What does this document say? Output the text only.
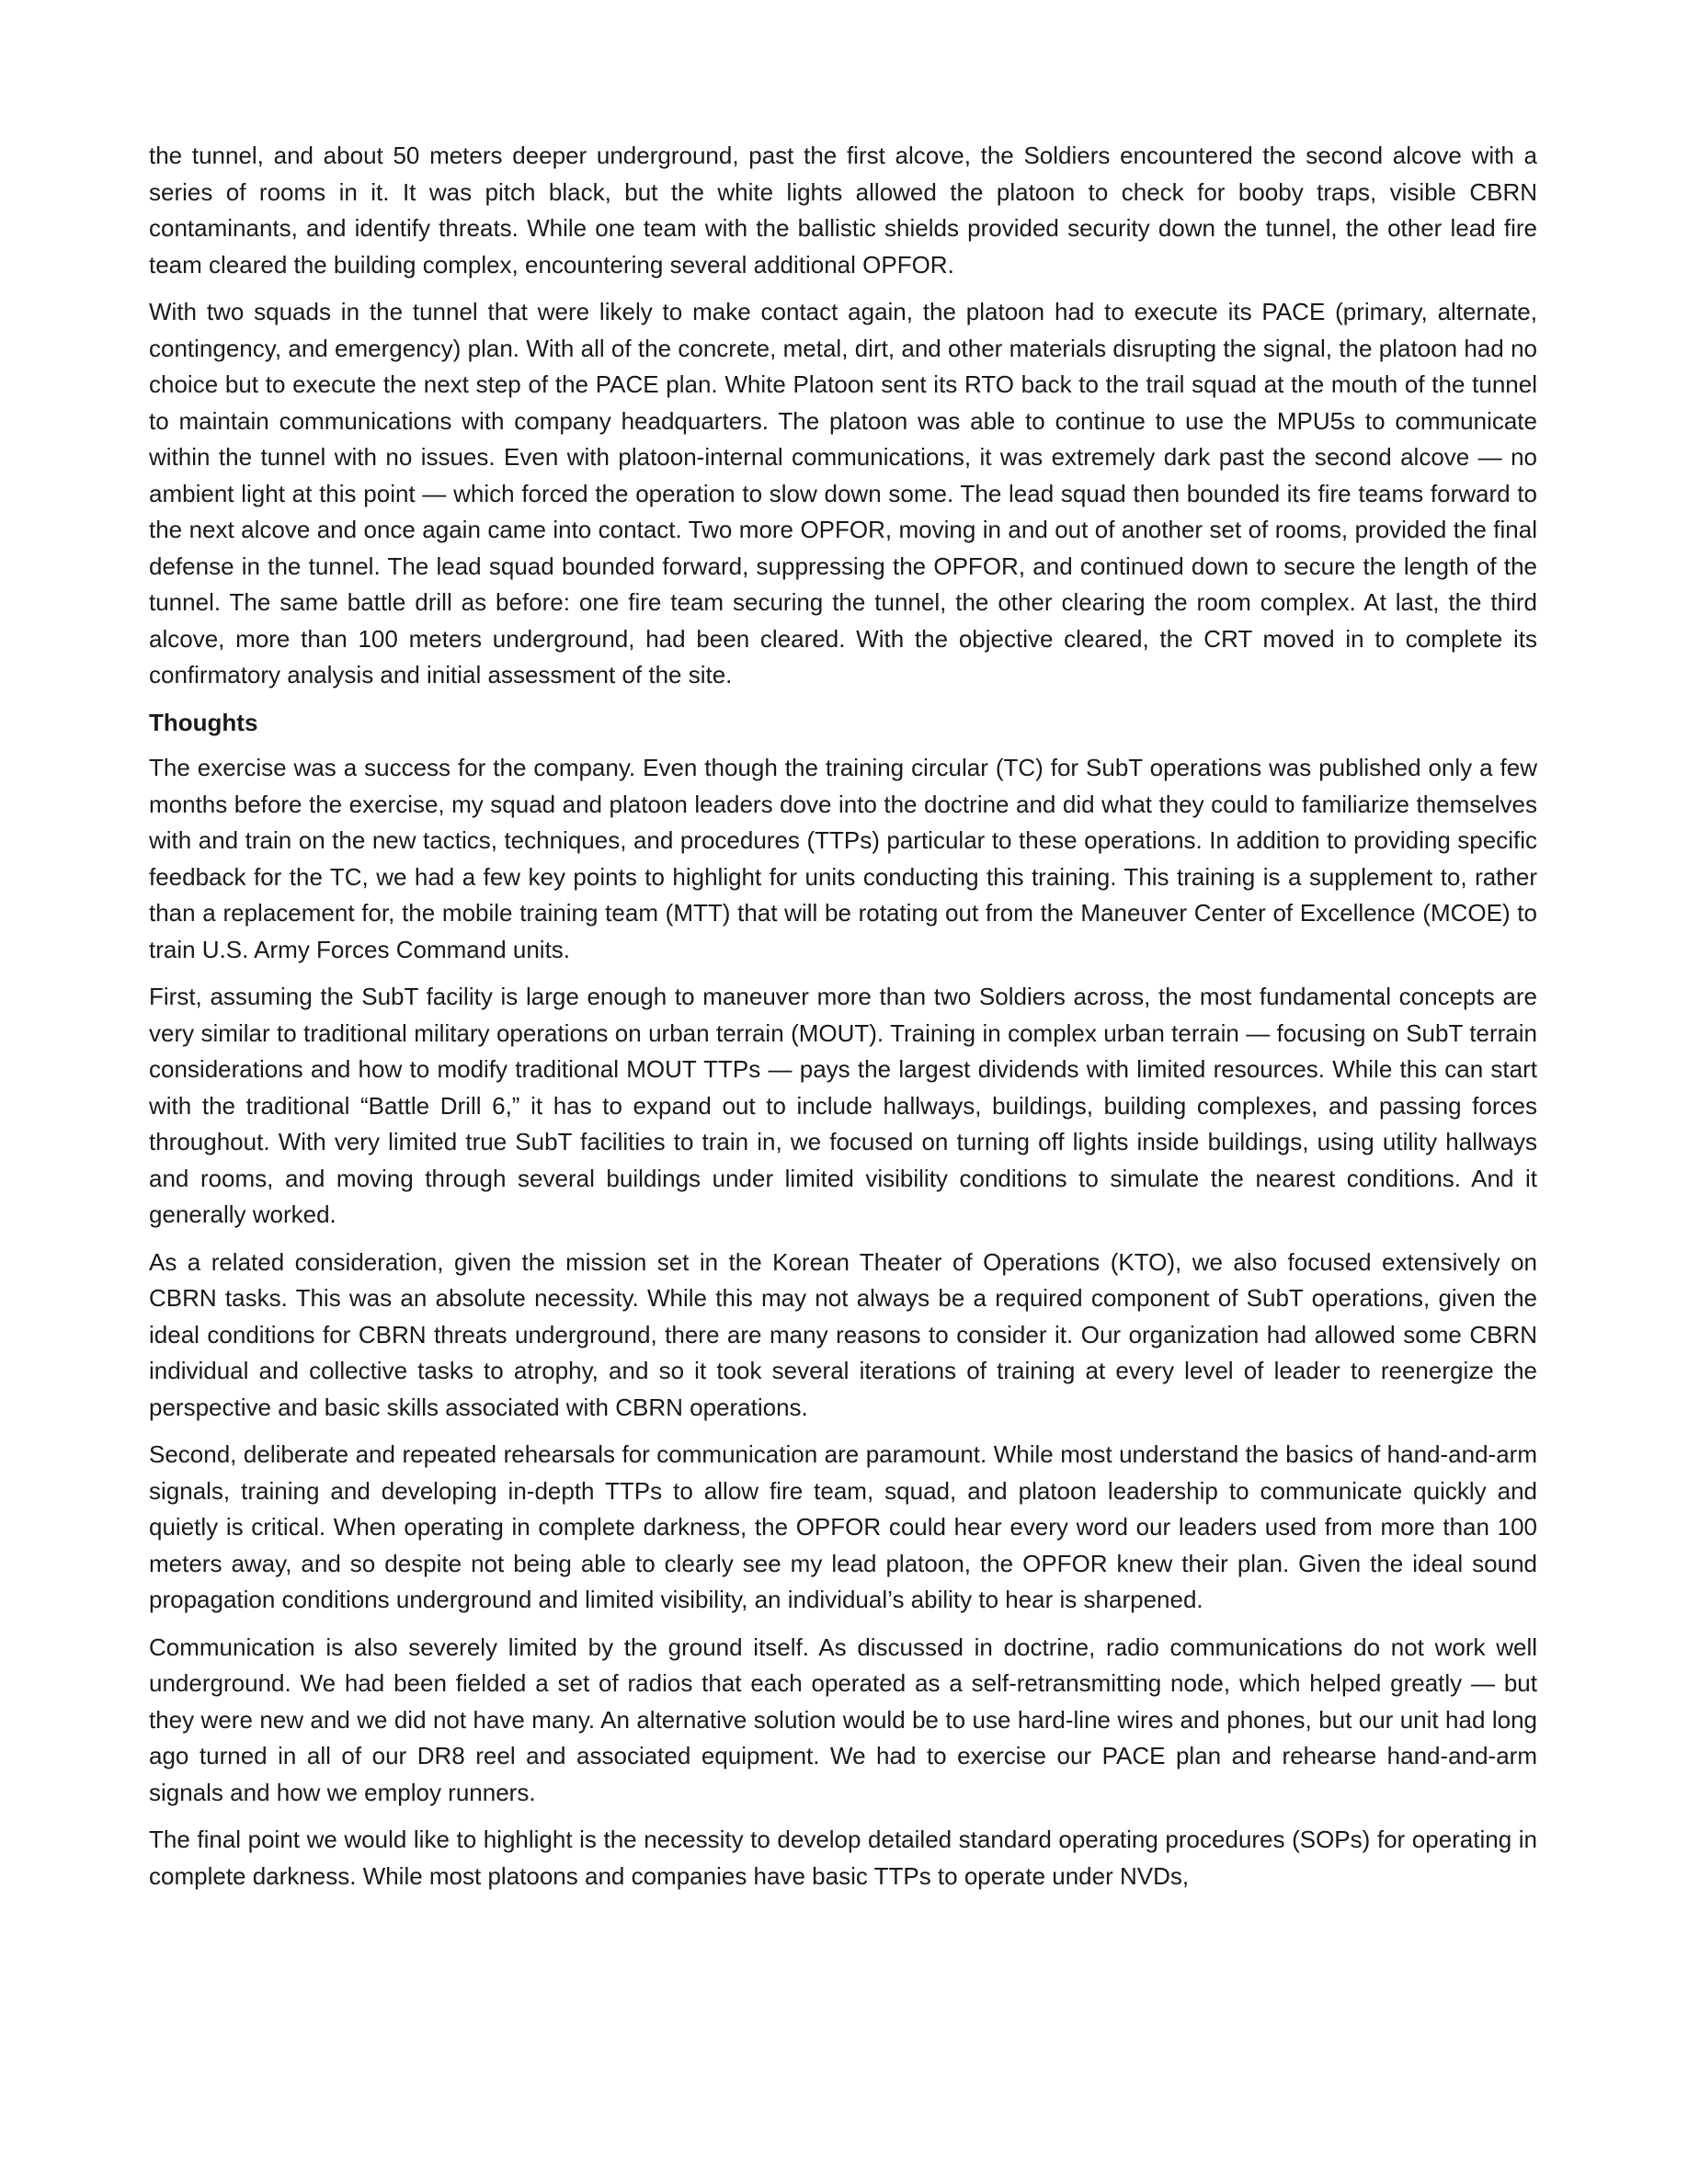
the tunnel, and about 50 meters deeper underground, past the first alcove, the Soldiers encountered the second alcove with a series of rooms in it. It was pitch black, but the white lights allowed the platoon to check for booby traps, visible CBRN contaminants, and identify threats. While one team with the ballistic shields provided security down the tunnel, the other lead fire team cleared the building complex, encountering several additional OPFOR.

With two squads in the tunnel that were likely to make contact again, the platoon had to execute its PACE (primary, alternate, contingency, and emergency) plan. With all of the concrete, metal, dirt, and other materials disrupting the signal, the platoon had no choice but to execute the next step of the PACE plan. White Platoon sent its RTO back to the trail squad at the mouth of the tunnel to maintain communications with company headquarters. The platoon was able to continue to use the MPU5s to communicate within the tunnel with no issues. Even with platoon-internal communications, it was extremely dark past the second alcove — no ambient light at this point — which forced the operation to slow down some. The lead squad then bounded its fire teams forward to the next alcove and once again came into contact. Two more OPFOR, moving in and out of another set of rooms, provided the final defense in the tunnel. The lead squad bounded forward, suppressing the OPFOR, and continued down to secure the length of the tunnel. The same battle drill as before: one fire team securing the tunnel, the other clearing the room complex. At last, the third alcove, more than 100 meters underground, had been cleared. With the objective cleared, the CRT moved in to complete its confirmatory analysis and initial assessment of the site.

Thoughts

The exercise was a success for the company. Even though the training circular (TC) for SubT operations was published only a few months before the exercise, my squad and platoon leaders dove into the doctrine and did what they could to familiarize themselves with and train on the new tactics, techniques, and procedures (TTPs) particular to these operations. In addition to providing specific feedback for the TC, we had a few key points to highlight for units conducting this training. This training is a supplement to, rather than a replacement for, the mobile training team (MTT) that will be rotating out from the Maneuver Center of Excellence (MCOE) to train U.S. Army Forces Command units.

First, assuming the SubT facility is large enough to maneuver more than two Soldiers across, the most fundamental concepts are very similar to traditional military operations on urban terrain (MOUT). Training in complex urban terrain — focusing on SubT terrain considerations and how to modify traditional MOUT TTPs — pays the largest dividends with limited resources. While this can start with the traditional “Battle Drill 6,” it has to expand out to include hallways, buildings, building complexes, and passing forces throughout. With very limited true SubT facilities to train in, we focused on turning off lights inside buildings, using utility hallways and rooms, and moving through several buildings under limited visibility conditions to simulate the nearest conditions. And it generally worked.

As a related consideration, given the mission set in the Korean Theater of Operations (KTO), we also focused extensively on CBRN tasks. This was an absolute necessity. While this may not always be a required component of SubT operations, given the ideal conditions for CBRN threats underground, there are many reasons to consider it. Our organization had allowed some CBRN individual and collective tasks to atrophy, and so it took several iterations of training at every level of leader to reenergize the perspective and basic skills associated with CBRN operations.

Second, deliberate and repeated rehearsals for communication are paramount. While most understand the basics of hand-and-arm signals, training and developing in-depth TTPs to allow fire team, squad, and platoon leadership to communicate quickly and quietly is critical. When operating in complete darkness, the OPFOR could hear every word our leaders used from more than 100 meters away, and so despite not being able to clearly see my lead platoon, the OPFOR knew their plan. Given the ideal sound propagation conditions underground and limited visibility, an individual’s ability to hear is sharpened.

Communication is also severely limited by the ground itself. As discussed in doctrine, radio communications do not work well underground. We had been fielded a set of radios that each operated as a self-retransmitting node, which helped greatly — but they were new and we did not have many. An alternative solution would be to use hard-line wires and phones, but our unit had long ago turned in all of our DR8 reel and associated equipment. We had to exercise our PACE plan and rehearse hand-and-arm signals and how we employ runners.

The final point we would like to highlight is the necessity to develop detailed standard operating procedures (SOPs) for operating in complete darkness. While most platoons and companies have basic TTPs to operate under NVDs,
